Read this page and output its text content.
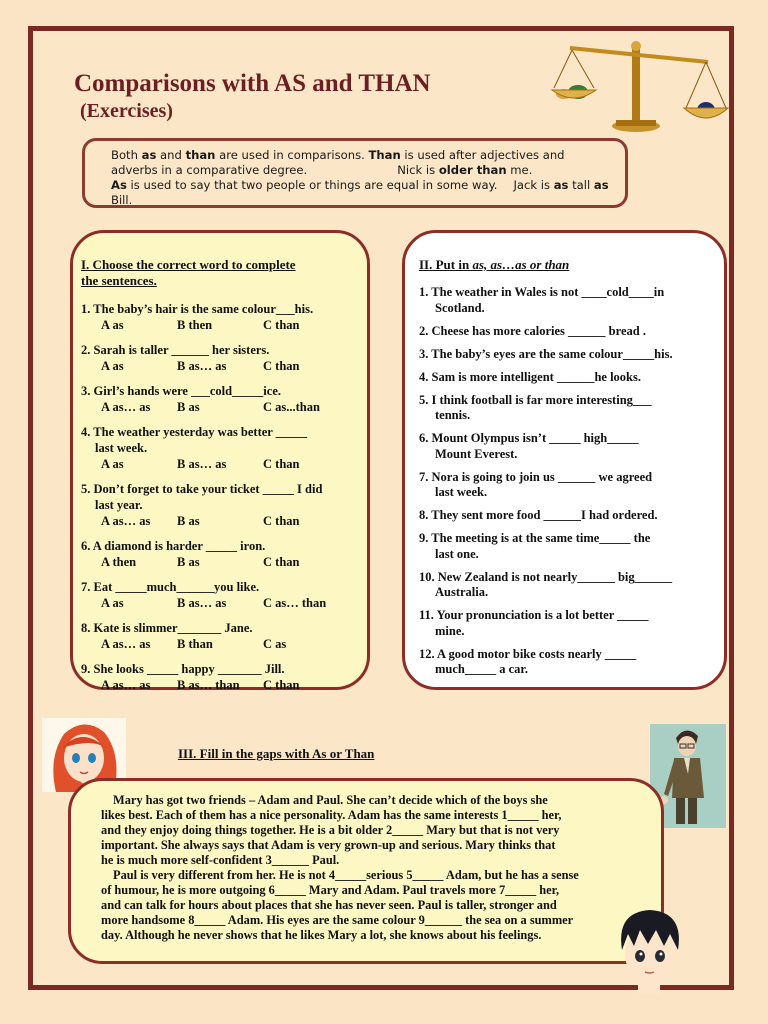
Comparisons with AS and THAN
(Exercises)

Both as and than are used in comparisons. Than is used after adjectives and

adverbs in a comparative degree.	Nick is older than me.

As is used to say that two people or things are equal in some way. Jack is as tall as

Bill.

I. Choose the correct word to complete
the sentences.
1. The baby’s hair is the same colour___his.
A as	B then	C than
2. Sarah is taller ______ her sisters.
A as	B as… as	C than
3. Girl’s hands were ___cold_____ice.
A as… as	B as	C as...than
4. The weather yesterday was better _____
last week.
A as	B as… as	C than
5. Don’t forget to take your ticket _____ I did
last year.
A as… as	B as	C than
6. A diamond is harder _____ iron.
A then	B as	C than
7. Eat _____much______you like.
A as	B as… as	C as… than
8. Kate is slimmer_______ Jane.
A as… as	B than	C as
9. She looks _____ happy _______ Jill.
A as… as	B as… than	C than
II. Put in as, as…as or than
1. The weather in Wales is not ____cold____in
Scotland.
2. Cheese has more calories ______ bread .
3. The baby’s eyes are the same colour_____his.
4. Sam is more intelligent ______he looks.
5. I think football is far more interesting___
tennis.
6. Mount Olympus isn’t _____ high_____
Mount Everest.
7. Nora is going to join us ______ we agreed
last week.
8. They sent more food ______I had ordered.
9. The meeting is at the same time_____ the
last one.
10. New Zealand is not nearly______ big______
Australia.
11. Your pronunciation is a lot better _____
mine.
12. A good motor bike costs nearly _____
much_____ a car.
III. Fill in the gaps with As or Than
Mary has got two friends – Adam and Paul. She can’t decide which of the boys she
likes best. Each of them has a nice personality. Adam has the same interests 1_____ her,
and they enjoy doing things together. He is a bit older 2_____ Mary but that is not very
important. She always says that Adam is very grown-up and serious. Mary thinks that
he is much more self-confident 3______ Paul.
Paul is very different from her. He is not 4_____serious 5_____ Adam, but he has a sense
of humour, he is more outgoing 6_____ Mary and Adam. Paul travels more 7_____ her,
and can talk for hours about places that she has never seen. Paul is taller, stronger and
more handsome 8_____ Adam. His eyes are the same colour 9______ the sea on a summer
day. Although he never shows that he likes Mary a lot, she knows about his feelings.
